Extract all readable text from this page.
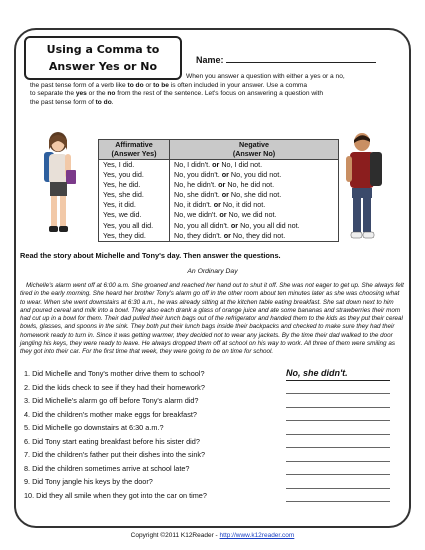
Using a Comma to
Answer Yes or No	Name:
When you answer a question with either a yes or a no,
the past tense form of a verb like to do or to be is often included in your answer. Use a comma
to separate the yes or the no from the rest of the sentence. Let's focus on answering a question with
the past tense form of to do.
Affirmative
(Answer Yes)	Negative
(Answer No)
Yes, I did.	No, I didn't. or No, I did not.
Yes, you did.	No, you didn't. or No, you did not.
Yes, he did.	No, he didn't. or No, he did not.
Yes, she did.	No, she didn't. or No, she did not.
Yes, it did.	No, it didn't. or No, it did not.
Yes, we did.	No, we didn't. or No, we did not.
Yes, you all did.	No, you all didn't. or No, you all did not.
Yes, they did.	No, they didn't. or No, they did not.
Read the story about Michelle and Tony's day. Then answer the questions.
An Ordinary Day
Michelle's alarm went off at 6:00 a.m. She groaned and reached her hand out to shut it off. She was not eager to get up. She always felt tired in the early morning. She heard her brother Tony's alarm go off in the other room about ten minutes later as she was choosing what to wear. When she went downstairs at 6:30 a.m., he was already sitting at the kitchen table eating breakfast. She sat down next to him and poured cereal and milk into a bowl. They also each drank a glass of orange juice and ate some bananas and strawberries their mom had cut up in a bowl for them. Their dad pulled their lunch bags out of the refrigerator and handed them to the kids as they put their cereal bowls, glasses, and spoons in the sink. They both put their lunch bags inside their backpacks and checked to make sure they had their homework ready to turn in. Since it was getting warmer, they decided not to wear any jackets. By the time their dad walked to the door jangling his keys, they were ready to leave. He always dropped them off at school on his way to work. All three of them were smiling as they got into their car. For the first time that week, they were going to be on time for school.
1. Did Michelle and Tony's mother drive them to school?
2. Did the kids check to see if they had their homework?
3. Did Michelle's alarm go off before Tony's alarm did?
4. Did the children's mother make eggs for breakfast?
5. Did Michelle go downstairs at 6:30 a.m.?
6. Did Tony start eating breakfast before his sister did?
7. Did the children's father put their dishes into the sink?
8. Did the children sometimes arrive at school late?
9. Did Tony jangle his keys by the door?
10. Did they all smile when they got into the car on time?
No, she didn't.
Copyright ©2011 K12Reader - http://www.k12reader.com
